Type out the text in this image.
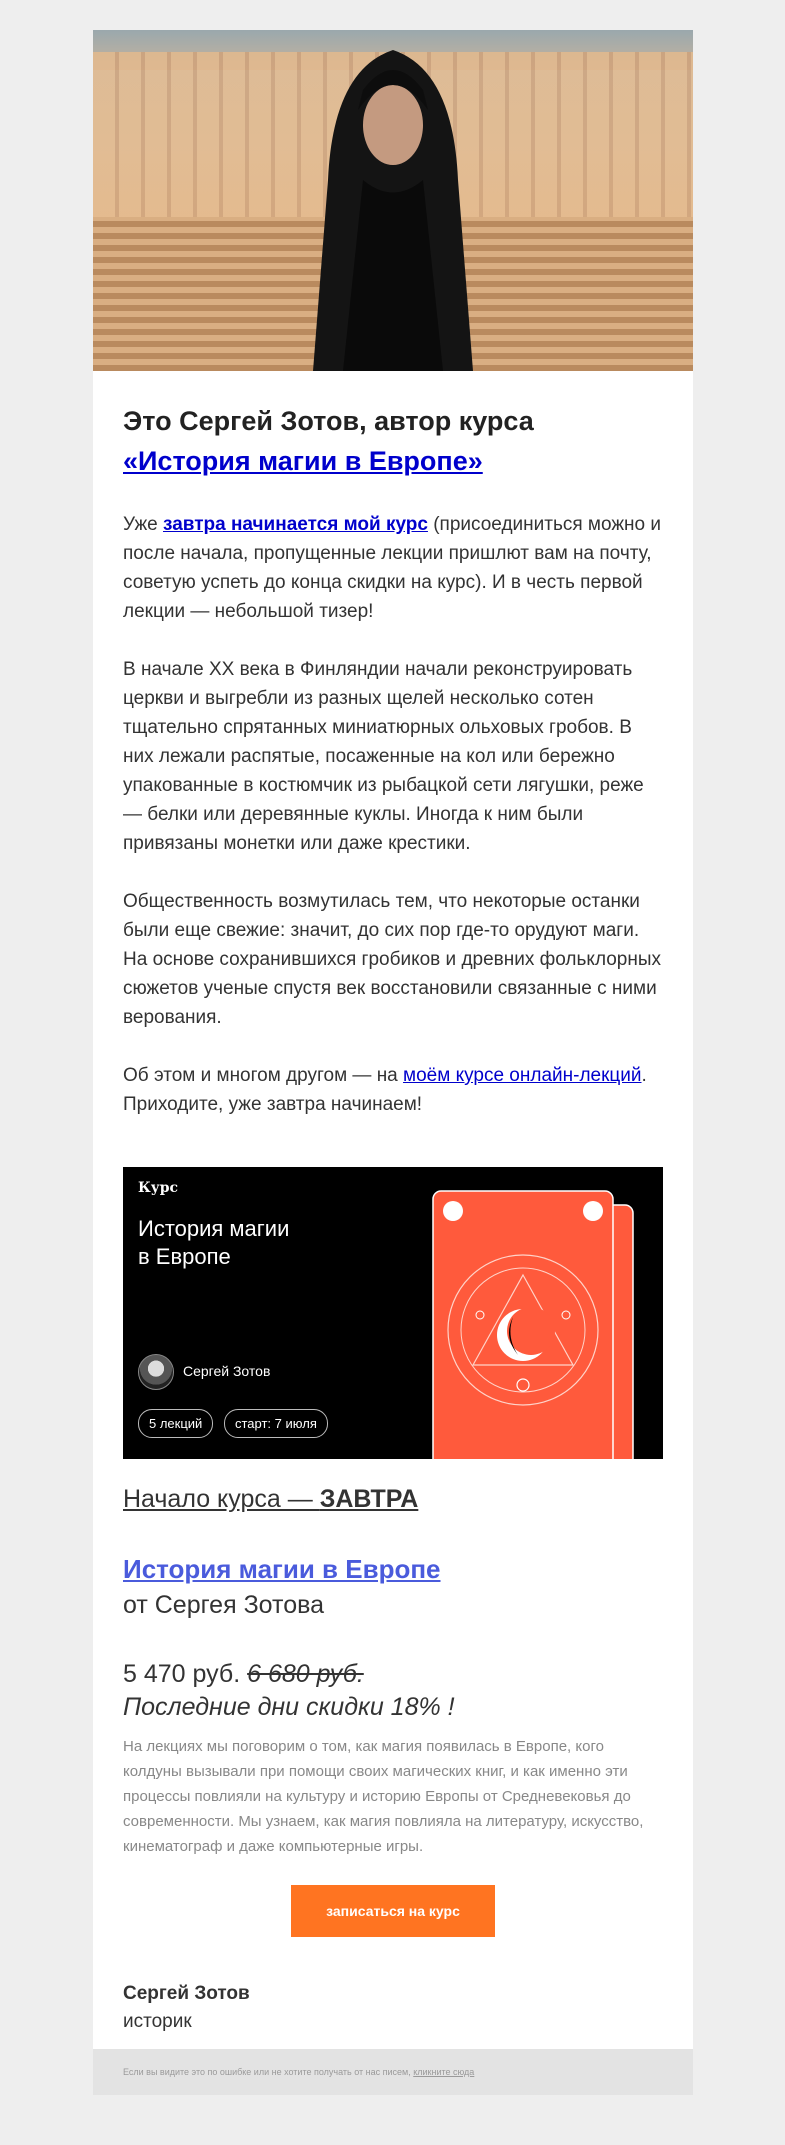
Это Сергей Зотов, автор курса
«История магии в Европе»

Уже завтра начинается мой курс (присоединиться можно и после начала, пропущенные лекции пришлют вам на почту, советую успеть до конца скидки на курс). И в честь первой лекции — небольшой тизер!

В начале XX века в Финляндии начали реконструировать церкви и выгребли из разных щелей несколько сотен тщательно спрятанных миниатюрных ольховых гробов. В них лежали распятые, посаженные на кол или бережно упакованные в костюмчик из рыбацкой сети лягушки, реже — белки или деревянные куклы. Иногда к ним были привязаны монетки или даже крестики.

Общественность возмутилась тем, что некоторые останки были еще свежие: значит, до сих пор где-то орудуют маги. На основе сохранившихся гробиков и древних фольклорных сюжетов ученые спустя век восстановили связанные с ними верования.

Об этом и многом другом — на моём курсе онлайн-лекций. Приходите, уже завтра начинаем!

Курс
История магии
в Европе
Сергей Зотов
5 лекций	старт: 7 июля
Начало курса — ЗАВТРА
История магии в Европе
от Сергея Зотова
5 470 руб. 6 680 руб.
Последние дни скидки 18% !
На лекциях мы поговорим о том, как магия появилась в Европе, кого колдуны вызывали при помощи своих магических книг, и как именно эти процессы повлияли на культуру и историю Европы от Средневековья до современности. Мы узнаем, как магия повлияла на литературу, искусство, кинематограф и даже компьютерные игры.
записаться на курс
Сергей Зотов
историк
Если вы видите это по ошибке или не хотите получать от нас писем, кликните сюда
